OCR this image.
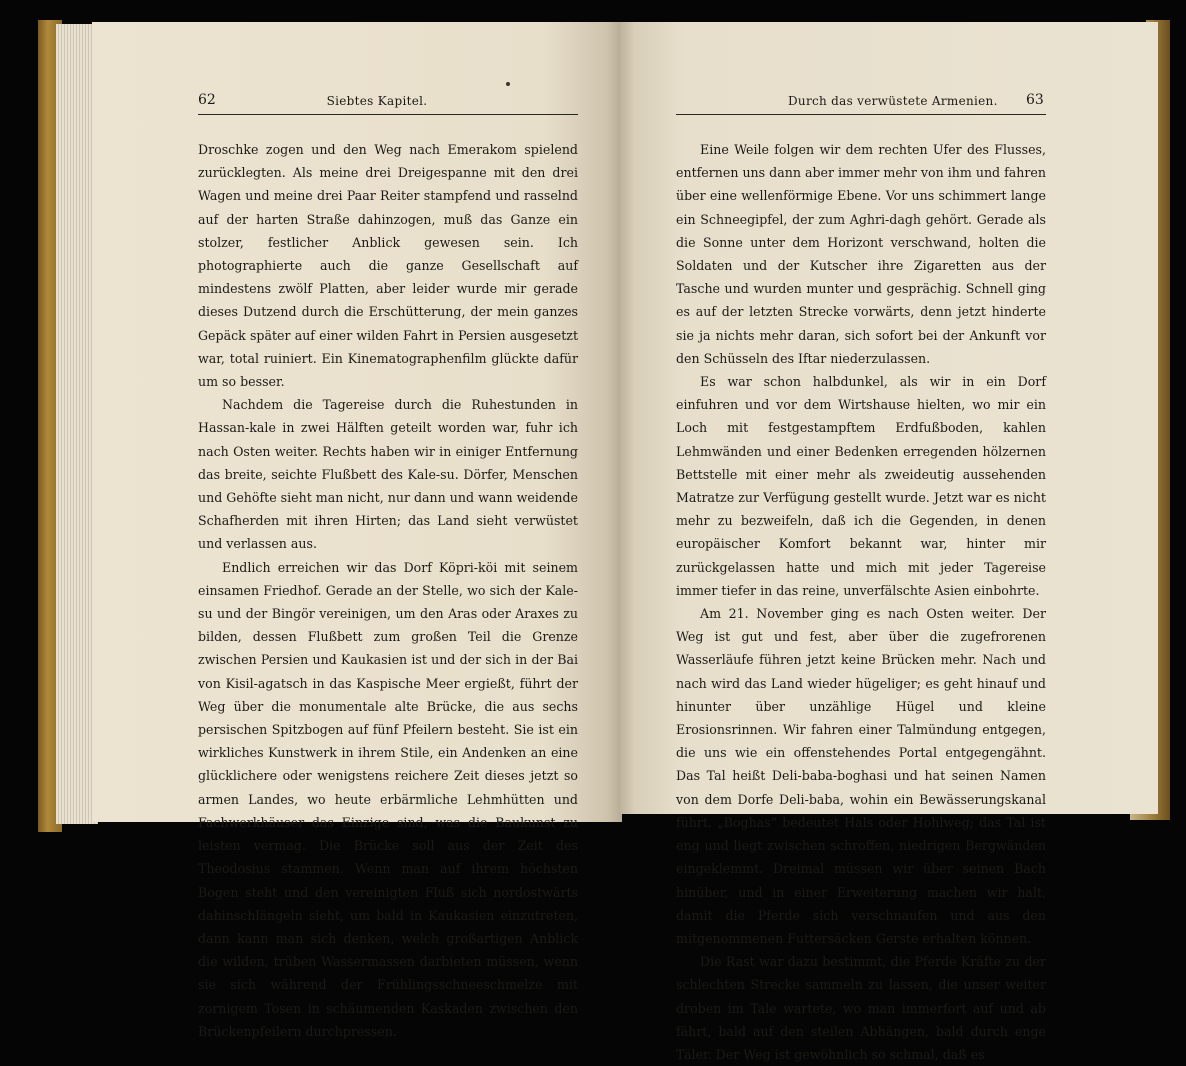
62	Siebtes Kapitel.

Droschke zogen und den Weg nach Emerakom spielend zurücklegten. Als meine drei Dreigespanne mit den drei Wagen und meine drei Paar Reiter stampfend und rasselnd auf der harten Straße dahinzogen, muß das Ganze ein stolzer, festlicher Anblick gewesen sein. Ich photographierte auch die ganze Gesellschaft auf mindestens zwölf Platten, aber leider wurde mir gerade dieses Dutzend durch die Erschütterung, der mein ganzes Gepäck später auf einer wilden Fahrt in Persien ausgesetzt war, total ruiniert. Ein Kinematographenfilm glückte dafür um so besser.

Nachdem die Tagereise durch die Ruhestunden in Hassan-kale in zwei Hälften geteilt worden war, fuhr ich nach Osten weiter. Rechts haben wir in einiger Entfernung das breite, seichte Flußbett des Kale-su. Dörfer, Menschen und Gehöfte sieht man nicht, nur dann und wann weidende Schafherden mit ihren Hirten; das Land sieht verwüstet und verlassen aus.

Endlich erreichen wir das Dorf Köpri-köi mit seinem einsamen Friedhof. Gerade an der Stelle, wo sich der Kale-su und der Bingör vereinigen, um den Aras oder Araxes zu bilden, dessen Flußbett zum großen Teil die Grenze zwischen Persien und Kaukasien ist und der sich in der Bai von Kisil-agatsch in das Kaspische Meer ergießt, führt der Weg über die monumentale alte Brücke, die aus sechs persischen Spitzbogen auf fünf Pfeilern besteht. Sie ist ein wirkliches Kunstwerk in ihrem Stile, ein Andenken an eine glücklichere oder wenigstens reichere Zeit dieses jetzt so armen Landes, wo heute erbärmliche Lehmhütten und Fachwerkhäuser das Einzige sind, was die Baukunst zu leisten vermag. Die Brücke soll aus der Zeit des Theodosius stammen. Wenn man auf ihrem höchsten Bogen steht und den vereinigten Fluß sich nordostwärts dahinschlängeln sieht, um bald in Kaukasien einzutreten, dann kann man sich denken, welch großartigen Anblick die wilden, trüben Wassermassen darbieten müssen, wenn sie sich während der Frühlingsschneeschmelze mit zornigem Tosen in schäumenden Kaskaden zwischen den Brückenpfeilern durchpressen.

Durch das verwüstete Armenien. 63

Eine Weile folgen wir dem rechten Ufer des Flusses, entfernen uns dann aber immer mehr von ihm und fahren über eine wellenförmige Ebene. Vor uns schimmert lange ein Schneegipfel, der zum Aghri-dagh gehört. Gerade als die Sonne unter dem Horizont verschwand, holten die Soldaten und der Kutscher ihre Zigaretten aus der Tasche und wurden munter und gesprächig. Schnell ging es auf der letzten Strecke vorwärts, denn jetzt hinderte sie ja nichts mehr daran, sich sofort bei der Ankunft vor den Schüsseln des Iftar niederzulassen.

Es war schon halbdunkel, als wir in ein Dorf einfuhren und vor dem Wirtshause hielten, wo mir ein Loch mit festgestampftem Erdfußboden, kahlen Lehmwänden und einer Bedenken erregenden hölzernen Bettstelle mit einer mehr als zweideutig aussehenden Matratze zur Verfügung gestellt wurde. Jetzt war es nicht mehr zu bezweifeln, daß ich die Gegenden, in denen europäischer Komfort bekannt war, hinter mir zurückgelassen hatte und mich mit jeder Tagereise immer tiefer in das reine, unverfälschte Asien einbohrte.

Am 21. November ging es nach Osten weiter. Der Weg ist gut und fest, aber über die zugefrorenen Wasserläufe führen jetzt keine Brücken mehr. Nach und nach wird das Land wieder hügeliger; es geht hinauf und hinunter über unzählige Hügel und kleine Erosionsrinnen. Wir fahren einer Talmündung entgegen, die uns wie ein offenstehendes Portal entgegengähnt. Das Tal heißt Deli-baba-boghasi und hat seinen Namen von dem Dorfe Deli-baba, wohin ein Bewässerungskanal führt. „Boghas“ bedeutet Hals oder Hohlweg; das Tal ist eng und liegt zwischen schroffen, niedrigen Bergwänden eingeklemmt. Dreimal müssen wir über seinen Bach hinüber, und in einer Erweiterung machen wir halt, damit die Pferde sich verschnaufen und aus den mitgenommenen Futtersäcken Gerste erhalten können.

Die Rast war dazu bestimmt, die Pferde Kräfte zu der schlechten Strecke sammeln zu lassen, die unser weiter droben im Tale wartete, wo man immerfort auf und ab fährt, bald auf den steilen Abhängen, bald durch enge Täler. Der Weg ist gewöhnlich so schmal, daß es
